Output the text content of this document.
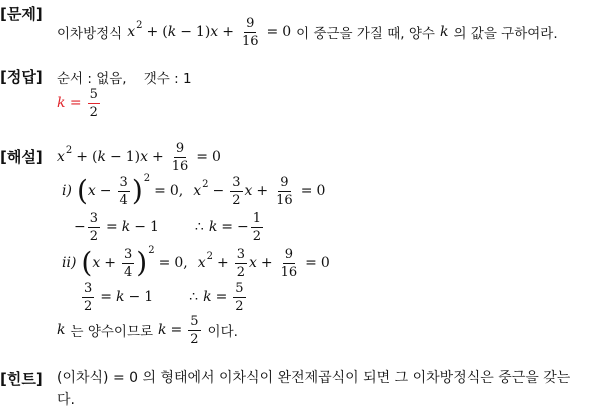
[문제]
이차방정식 x 2 + ( k − 1) $x + \frac{9}{16} = 0$ 이 중근을 가질 때, 양수 k 의 값을 구하여라.
[정답] 순서 : 없음,    갯수 : 1
$k = \frac{5}{2}$
[해설] x 2 + ( k − 1) $x + \frac{9}{16} = 0$
i) ( $x - \frac{3}{4}$ ) 2
= 0, x $2 - \frac{3}{2}$ $x + \frac{9}{16} = 0$
− $\frac{3}{2} = k - 1$	∴ k = − $\frac{1}{2}$
ii) ( $x + \frac{3}{4}$ ) 2
= 0, x $2 + \frac{3}{2}$ $x + \frac{9}{16} = 0$
$\frac{3}{2} = k - 1$	∴ $k = \frac{5}{2}$
k 는 양수이므로 $k = \frac{5}{2}$ 이다.
[힌트] (이차식) = 0 의 형태에서 이차식이 완전제곱식이 되면 그 이차방정식은 중근을 갖는다.
